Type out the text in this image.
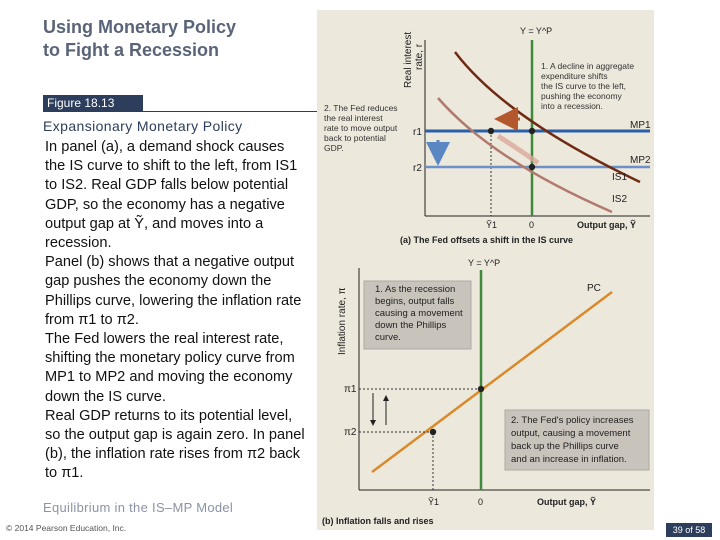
Using Monetary Policy
to Fight a Recession
Figure 18.13
Expansionary Monetary Policy

In panel (a), a demand shock causes the IS curve to shift to the left, from IS1 to IS2. Real GDP falls below potential GDP, so the economy has a negative output gap at Ỹ, and moves into a recession.

Panel (b) shows that a negative output gap pushes the economy down the Phillips curve, lowering the inflation rate from π1 to π2.

The Fed lowers the real interest rate, shifting the monetary policy curve from MP1 to MP2 and moving the economy down the IS curve.

Real GDP returns to its potential level, so the output gap is again zero. In panel (b), the inflation rate rises from π2 back to π1.

Equilibrium in the IS–MP Model
© 2014 Pearson Education, Inc.	39 of 58
Real interest rate, r
Y = Y^P
r1
r2
MP1
MP2
IS1
IS2
Ỹ1	0	Output gap, Ỹ
(a) The Fed offsets a shift in the IS curve
1. A decline in aggregate
expenditure shifts
the IS curve to the left,
pushing the economy
into a recession.
2. The Fed reduces
the real interest
rate to move output
back to potential
GDP.
Inflation rate, π
Y = Y^P
PC
π1
π2
1. As the recession
begins, output falls
causing a movement
down the Phillips
curve.
2. The Fed's policy increases
output, causing a movement
back up the Phillips curve
and an increase in inflation.
Ỹ1	0	Output gap, Ỹ
(b) Inflation falls and rises
